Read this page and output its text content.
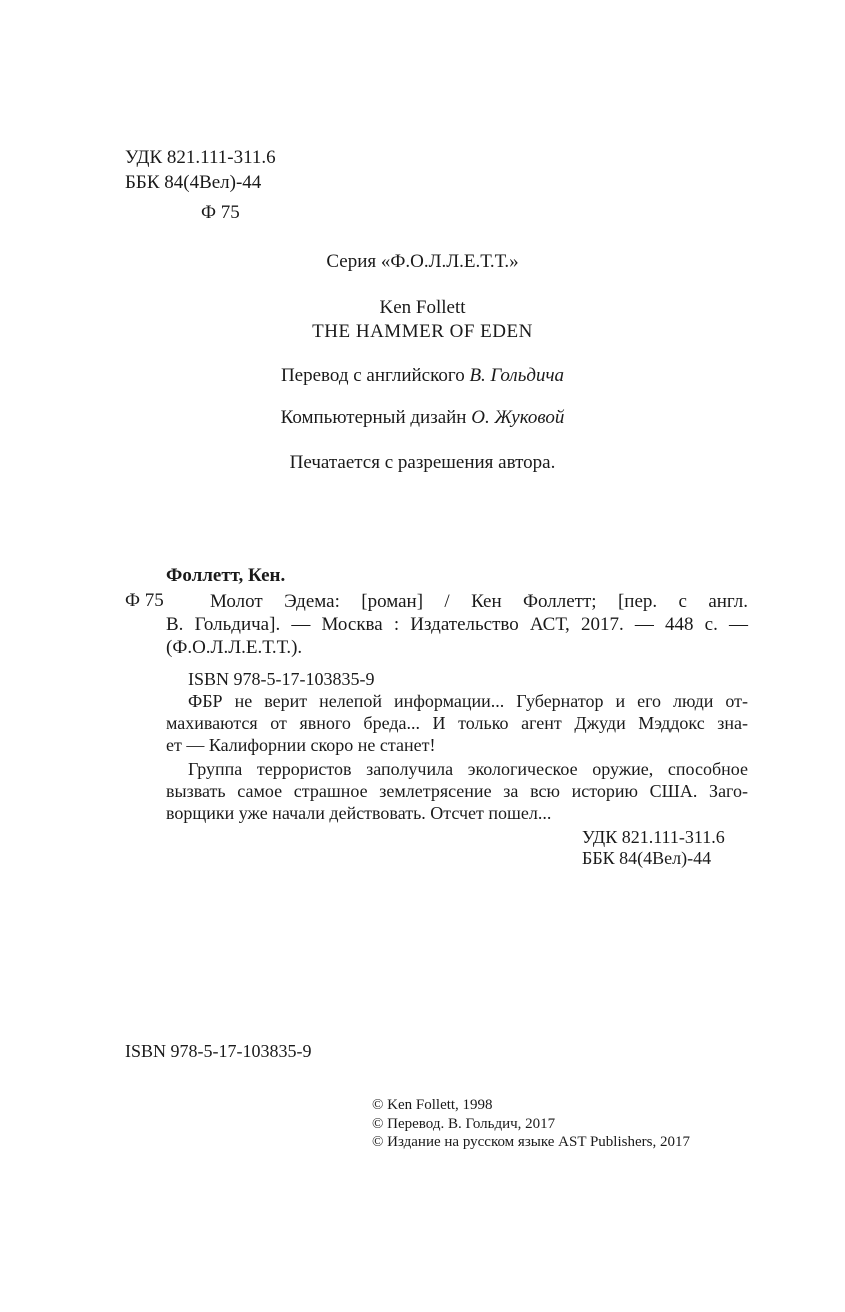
УДК 821.111-311.6
ББК 84(4Вел)-44
Ф 75
Серия «Ф.О.Л.Л.Е.Т.Т.»
Ken Follett
THE HAMMER OF EDEN
Перевод с английского В. Гольдича
Компьютерный дизайн О. Жуковой
Печатается с разрешения автора.
Фоллетт, Кен.
Ф 75	Молот Эдема: [роман] / Кен Фоллетт; [пер. с англ.
В. Гольдича]. — Москва : Издательство АСТ, 2017. — 448 с. —
(Ф.О.Л.Л.Е.Т.Т.).
ISBN 978-5-17-103835-9
ФБР не верит нелепой информации... Губернатор и его люди от-
махиваются от явного бреда... И только агент Джуди Мэддокс зна-
ет — Калифорнии скоро не станет!
Группа террористов заполучила экологическое оружие, способное
вызвать самое страшное землетрясение за всю историю США. Заго-
ворщики уже начали действовать. Отсчет пошел...
УДК 821.111-311.6
ББК 84(4Вел)-44
ISBN 978-5-17-103835-9
© Ken Follett, 1998
© Перевод. В. Гольдич, 2017
© Издание на русском языке AST Publishers, 2017
